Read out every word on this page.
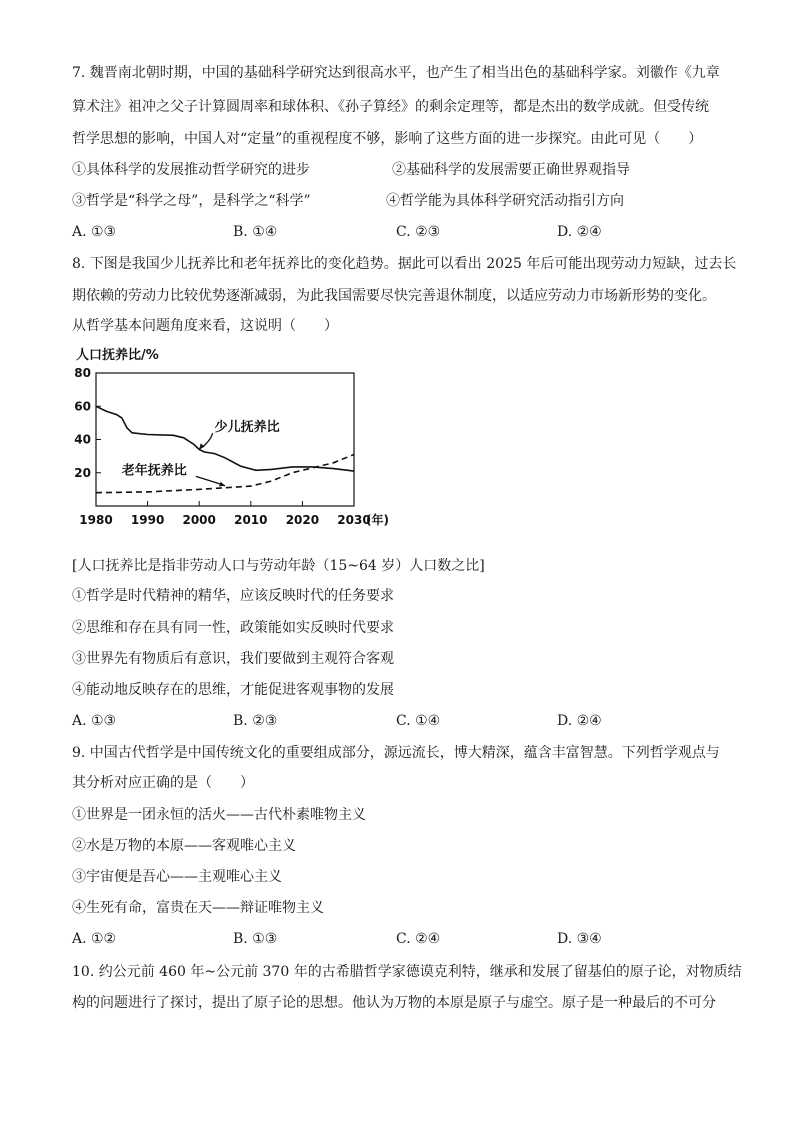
7. 魏晋南北朝时期，中国的基础科学研究达到很高水平，也产生了相当出色的基础科学家。刘徽作《九章
算术注》祖冲之父子计算圆周率和球体积、《孙子算经》的剩余定理等，都是杰出的数学成就。但受传统
哲学思想的影响，中国人对“定量”的重视程度不够，影响了这些方面的进一步探究。由此可见（　　）
①具体科学的发展推动哲学研究的进步	②基础科学的发展需要正确世界观指导
③哲学是“科学之母”，是科学之“科学”	④哲学能为具体科学研究活动指引方向
A. ①③	B. ①④	C. ②③	D. ②④
8. 下图是我国少儿抚养比和老年抚养比的变化趋势。据此可以看出 2025 年后可能出现劳动力短缺，过去长
期依赖的劳动力比较优势逐渐减弱，为此我国需要尽快完善退休制度，以适应劳动力市场新形势的变化。
从哲学基本问题角度来看，这说明（　　）
人口抚养比/%
20
40
60
80
1980 1990 2000 2010 2020 2030
(年)
少儿抚养比
老年抚养比
[人口抚养比是指非劳动人口与劳动年龄（15~64 岁）人口数之比]
①哲学是时代精神的精华，应该反映时代的任务要求
②思维和存在具有同一性，政策能如实反映时代要求
③世界先有物质后有意识，我们要做到主观符合客观
④能动地反映存在的思维，才能促进客观事物的发展
A. ①③	B. ②③	C. ①④	D. ②④
9. 中国古代哲学是中国传统文化的重要组成部分，源远流长，博大精深，蕴含丰富智慧。下列哲学观点与
其分析对应正确的是（　　）
①世界是一团永恒的活火——古代朴素唯物主义
②水是万物的本原——客观唯心主义
③宇宙便是吾心——主观唯心主义
④生死有命，富贵在天——辩证唯物主义
A. ①②	B. ①③	C. ②④	D. ③④
10. 约公元前 460 年~公元前 370 年的古希腊哲学家德谟克利特，继承和发展了留基伯的原子论，对物质结
构的问题进行了探讨，提出了原子论的思想。他认为万物的本原是原子与虚空。原子是一种最后的不可分
